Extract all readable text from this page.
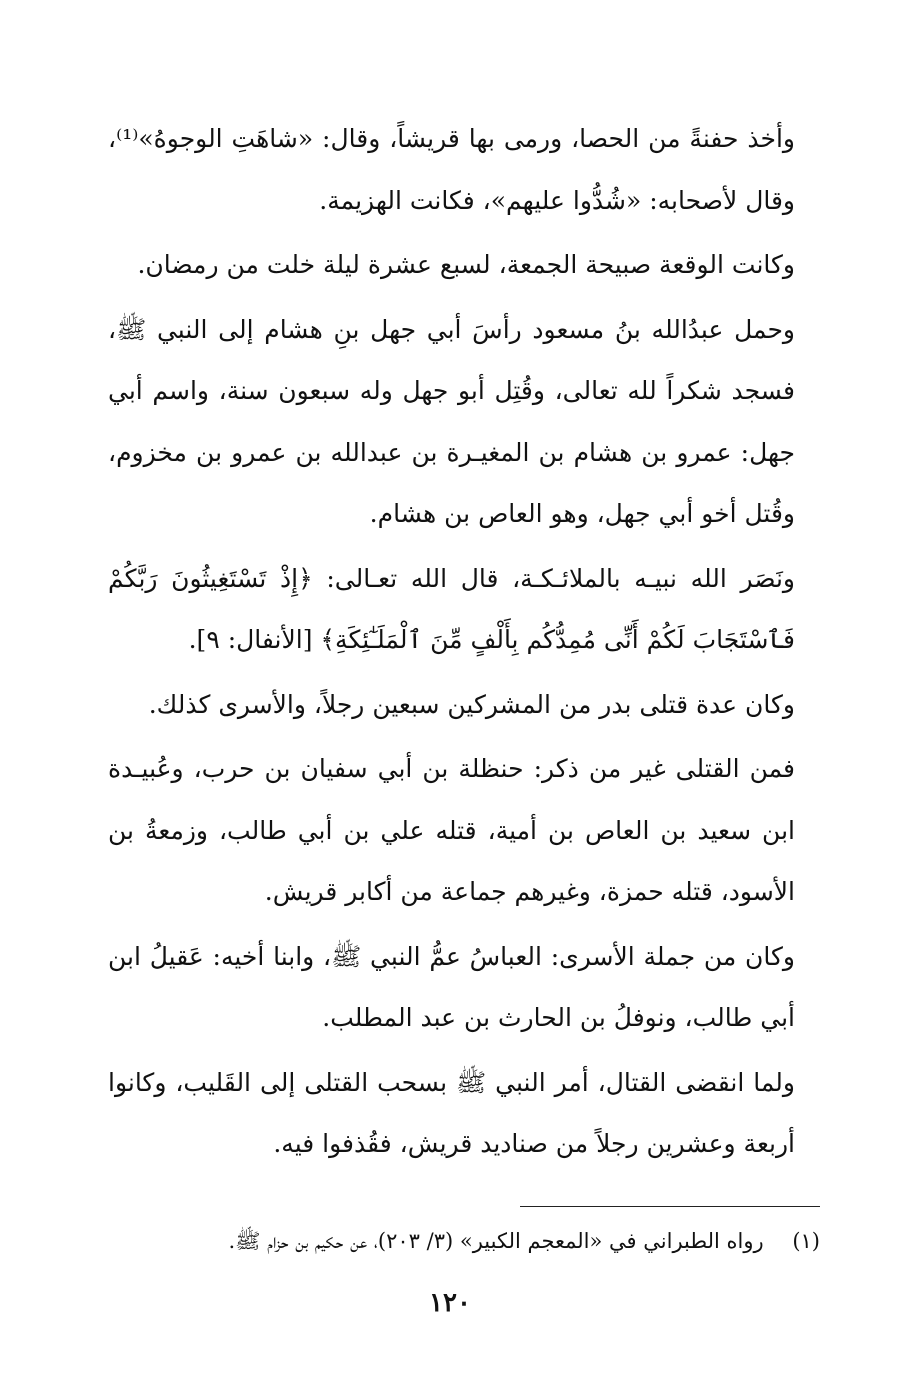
وأخذ حفنةً من الحصا، ورمى بها قريشاً، وقال: «شاهَتِ الوجوهُ»⁽¹⁾، وقال لأصحابه: «شُدُّوا عليهم»، فكانت الهزيمة.

وكانت الوقعة صبيحة الجمعة، لسبع عشرة ليلة خلت من رمضان.

وحمل عبدُالله بنُ مسعود رأسَ أبي جهل بنِ هشام إلى النبي ﷺ، فسجد شكراً لله تعالى، وقُتِل أبو جهل وله سبعون سنة، واسم أبي جهل: عمرو بن هشام بن المغيـرة بن عبدالله بن عمرو بن مخزوم، وقُتل أخو أبي جهل، وهو العاص بن هشام.

ونَصَر الله نبيـه بالملائـكـة، قال الله تعـالى: ﴿إِذْ تَسْتَغِيثُونَ رَبَّكُمْ فَٱسْتَجَابَ لَكُمْ أَنِّى مُمِدُّكُم بِأَلْفٍ مِّنَ ٱلْمَلَـٰٓئِكَةِ﴾ [الأنفال: ٩].

وكان عدة قتلى بدر من المشركين سبعين رجلاً، والأسرى كذلك.

فمن القتلى غير من ذكر: حنظلة بن أبي سفيان بن حرب، وعُبيـدة ابن سعيد بن العاص بن أمية، قتله علي بن أبي طالب، وزمعةُ بن الأسود، قتله حمزة، وغيرهم جماعة من أكابر قريش.

وكان من جملة الأسرى: العباسُ عمُّ النبي ﷺ، وابنا أخيه: عَقيلُ ابن أبي طالب، ونوفلُ بن الحارث بن عبد المطلب.

ولما انقضى القتال، أمر النبي ﷺ بسحب القتلى إلى القَليب، وكانوا أربعة وعشرين رجلاً من صناديد قريش، فقُذفوا فيه.

(١) رواه الطبراني في «المعجم الكبير» (٣/ ٢٠٣)، عن حكيم بن حزام ﷺ.
١٢٠
